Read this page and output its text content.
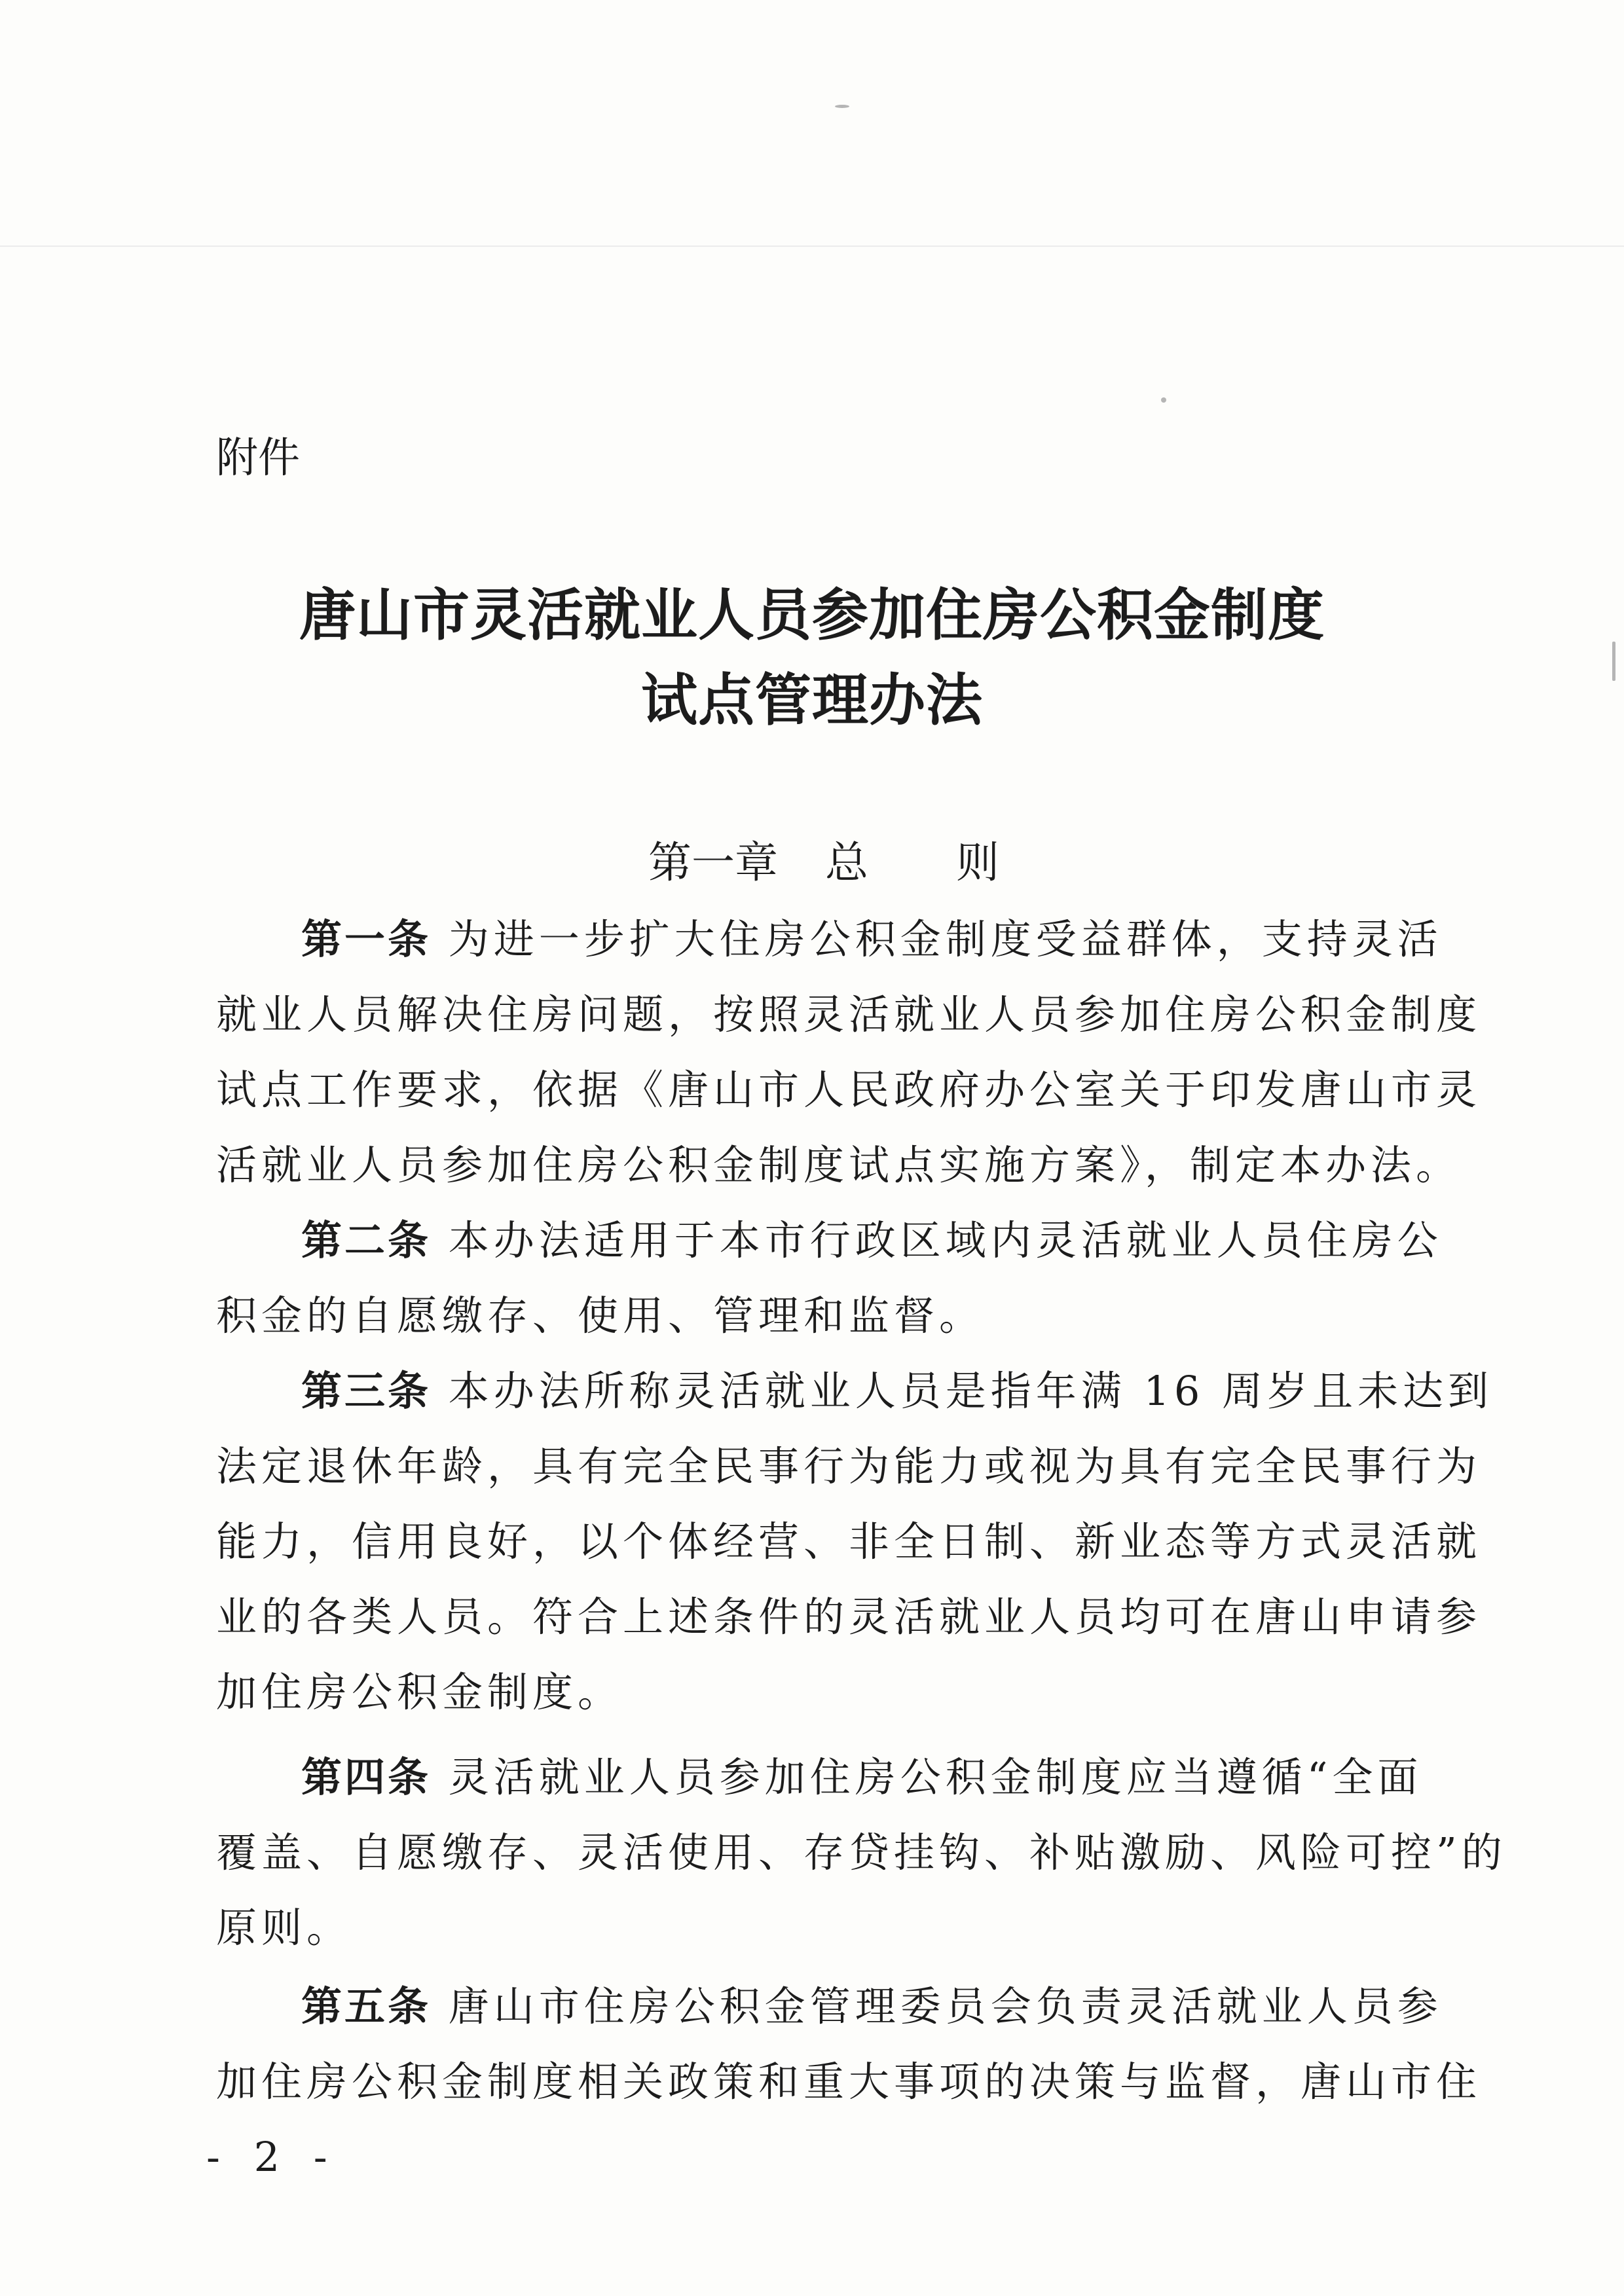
附件
唐山市灵活就业人员参加住房公积金制度
试点管理办法
第一章 总 则
第一条 为进一步扩大住房公积金制度受益群体，支持灵活
就业人员解决住房问题，按照灵活就业人员参加住房公积金制度
试点工作要求，依据《唐山市人民政府办公室关于印发唐山市灵
活就业人员参加住房公积金制度试点实施方案》，制定本办法。
第二条 本办法适用于本市行政区域内灵活就业人员住房公
积金的自愿缴存、使用、管理和监督。
第三条 本办法所称灵活就业人员是指年满 16 周岁且未达到
法定退休年龄，具有完全民事行为能力或视为具有完全民事行为
能力，信用良好，以个体经营、非全日制、新业态等方式灵活就
业的各类人员。符合上述条件的灵活就业人员均可在唐山申请参
加住房公积金制度。
第四条 灵活就业人员参加住房公积金制度应当遵循“全面
覆盖、自愿缴存、灵活使用、存贷挂钩、补贴激励、风险可控”的
原则。
第五条 唐山市住房公积金管理委员会负责灵活就业人员参
加住房公积金制度相关政策和重大事项的决策与监督，唐山市住
- 2 -
